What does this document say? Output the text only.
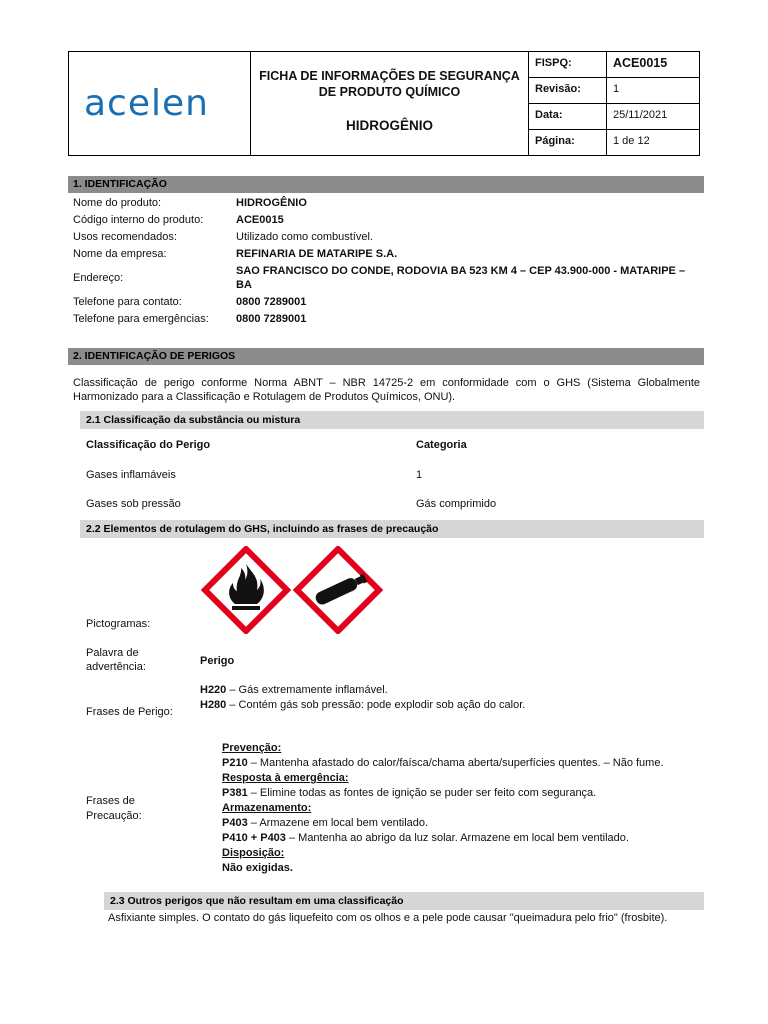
acelen
FICHA DE INFORMAÇÕES DE SEGURANÇA
DE PRODUTO QUÍMICO
HIDROGÊNIO
FISPQ:	ACE0015
Revisão:	1
Data:	25/11/2021
Página:	1 de 12
1. IDENTIFICAÇÃO
Nome do produto:	HIDROGÊNIO
Código interno do produto:	ACE0015
Usos recomendados:	Utilizado como combustível.
Nome da empresa:	REFINARIA DE MATARIPE S.A.
Endereço:
SAO FRANCISCO DO CONDE, RODOVIA BA 523 KM 4 – CEP 43.900-000 - MATARIPE – BA
Telefone para contato:	0800 7289001
Telefone para emergências:	0800 7289001
2. IDENTIFICAÇÃO DE PERIGOS
Classificação de perigo conforme Norma ABNT – NBR 14725-2 em conformidade com o GHS (Sistema Globalmente Harmonizado para a Classificação e Rotulagem de Produtos Químicos, ONU).
2.1 Classificação da substância ou mistura
Classificação do Perigo	Categoria
Gases inflamáveis	1
Gases sob pressão	Gás comprimido
2.2 Elementos de rotulagem do GHS, incluindo as frases de precaução
Pictogramas:
Palavra de
advertência:	Perigo
Frases de Perigo:
H220 – Gás extremamente inflamável.
H280 – Contém gás sob pressão: pode explodir sob ação do calor.
Frases de
Precaução:
Prevenção:
P210 – Mantenha afastado do calor/faísca/chama aberta/superfícies quentes. – Não fume.
Resposta à emergência:
P381 – Elimine todas as fontes de ignição se puder ser feito com segurança.
Armazenamento:
P403 – Armazene em local bem ventilado.
P410 + P403 – Mantenha ao abrigo da luz solar. Armazene em local bem ventilado.
Disposição:
Não exigidas.
2.3 Outros perigos que não resultam em uma classificação
Asfixiante simples. O contato do gás liquefeito com os olhos e a pele pode causar "queimadura pelo frio" (frosbite).
